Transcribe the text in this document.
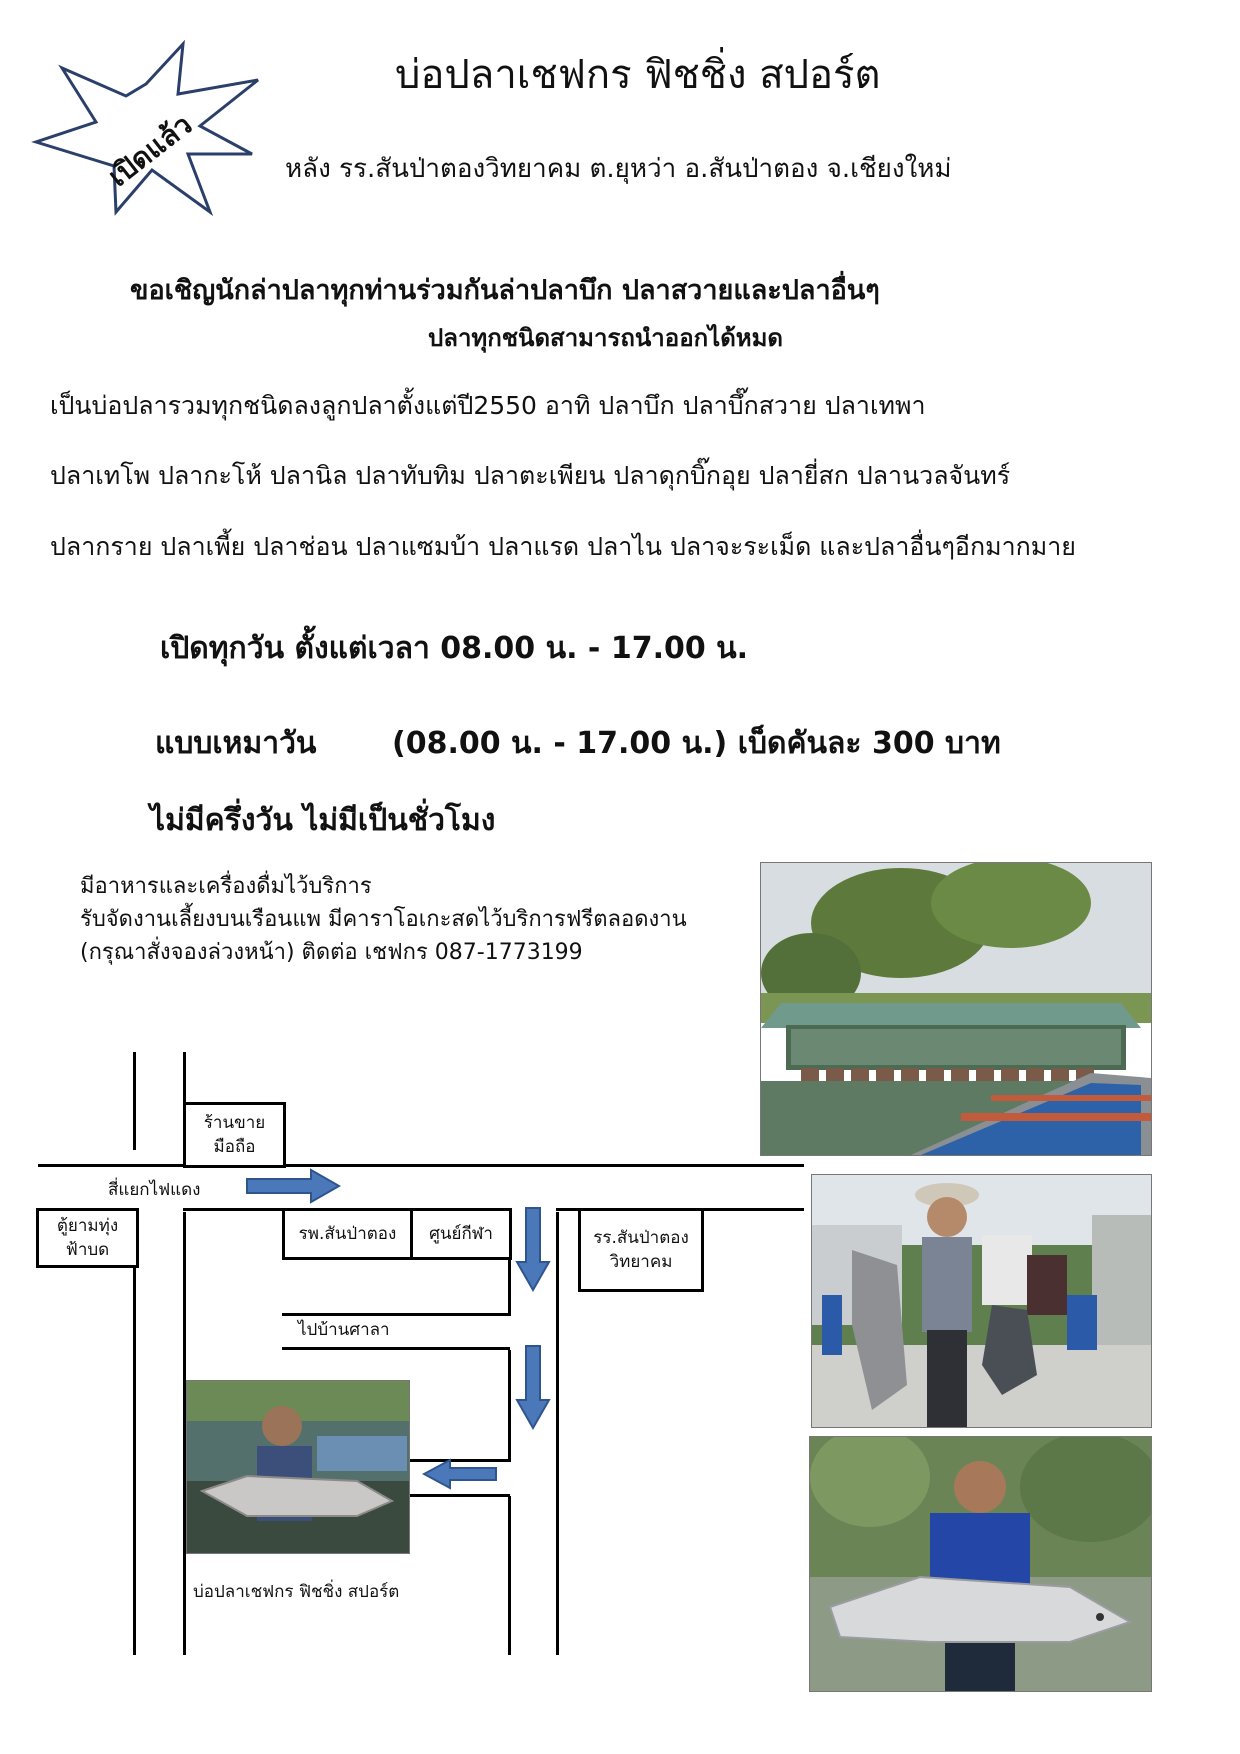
เปิดแล้ว
บ่อปลาเชฟกร ฟิชชิ่ง สปอร์ต
หลัง รร.สันป่าตองวิทยาคม ต.ยุหว่า อ.สันป่าตอง จ.เชียงใหม่
ขอเชิญนักล่าปลาทุกท่านร่วมกันล่าปลาบึก ปลาสวายและปลาอื่นๆ
ปลาทุกชนิดสามารถนำออกได้หมด
เป็นบ่อปลารวมทุกชนิดลงลูกปลาตั้งแต่ปี2550 อาทิ ปลาบึก ปลาบึ๊กสวาย ปลาเทพา
ปลาเทโพ ปลากะโห้ ปลานิล ปลาทับทิม ปลาตะเพียน ปลาดุกบิ๊กอุย ปลายี่สก ปลานวลจันทร์
ปลากราย ปลาเพี้ย ปลาช่อน ปลาแซมบ้า ปลาแรด ปลาไน ปลาจะระเม็ด และปลาอื่นๆอีกมากมาย
เปิดทุกวัน ตั้งแต่เวลา 08.00 น. - 17.00 น.
แบบเหมาวัน	(08.00 น. - 17.00 น.) เบ็ดคันละ 300 บาท
ไม่มีครึ่งวัน ไม่มีเป็นชั่วโมง
มีอาหารและเครื่องดื่มไว้บริการ
รับจัดงานเลี้ยงบนเรือนแพ มีคาราโอเกะสดไว้บริการฟรีตลอดงาน
(กรุณาสั่งจองล่วงหน้า) ติดต่อ เชฟกร 087-1773199
ร้านขาย
มือถือ
ตู้ยามทุ่ง
ฟ้าบด
รพ.สันป่าตอง	ศูนย์กีฬา	รร.สันป่าตอง
วิทยาคม
สี่แยกไฟแดง
ไปบ้านศาลา
บ่อปลาเชฟกร ฟิชชิ่ง สปอร์ต
